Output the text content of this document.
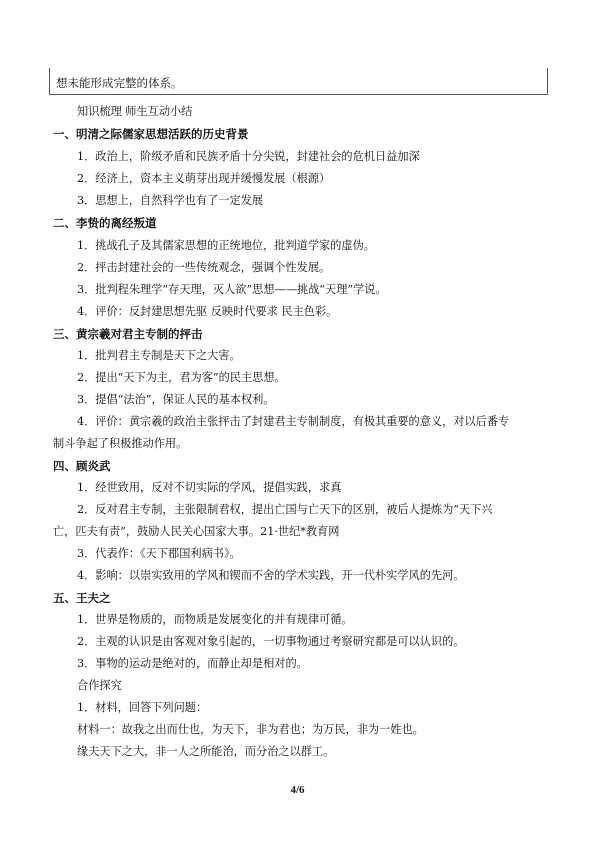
想未能形成完整的体系。
知识梳理 师生互动小结
一、明清之际儒家思想活跃的历史背景
1．政治上，阶级矛盾和民族矛盾十分尖锐，封建社会的危机日益加深
2．经济上，资本主义萌芽出现并缓慢发展（根源）
3．思想上，自然科学也有了一定发展
二、李贽的离经叛道
1．挑战孔子及其儒家思想的正统地位，批判道学家的虚伪。
2．抨击封建社会的一些传统观念，强调个性发展。
3．批判程朱理学“存天理，灭人欲”思想——挑战“天理”学说。
4．评价：反封建思想先驱 反映时代要求 民主色彩。
三、黄宗羲对君主专制的抨击
1．批判君主专制是天下之大害。
2．提出“天下为主，君为客”的民主思想。
3．提倡“法治”，保证人民的基本权利。
4．评价：黄宗羲的政治主张抨击了封建君主专制制度，有极其重要的意义，对以后番专
制斗争起了积极推动作用。
四、顾炎武
1．经世致用，反对不切实际的学风，提倡实践，求真
2．反对君主专制，主张限制君权，提出亡国与亡天下的区别，被后人提炼为“天下兴
亡，匹夫有责”，鼓励人民关心国家大事。21·世纪*教育网
3．代表作：《天下郡国利病书》。
4．影响：以崇实致用的学风和锲而不舍的学术实践，开一代朴实学风的先河。
五、王夫之
1．世界是物质的，而物质是发展变化的并有规律可循。
2．主观的认识是由客观对象引起的，一切事物通过考察研究都是可以认识的。
3．事物的运动是绝对的，而静止却是相对的。
合作探究
1．材料，回答下列问题：
材料一：故我之出而仕也，为天下，非为君也；为万民，非为一姓也。
缘夫天下之大，非一人之所能治，而分治之以群工。
4/6
